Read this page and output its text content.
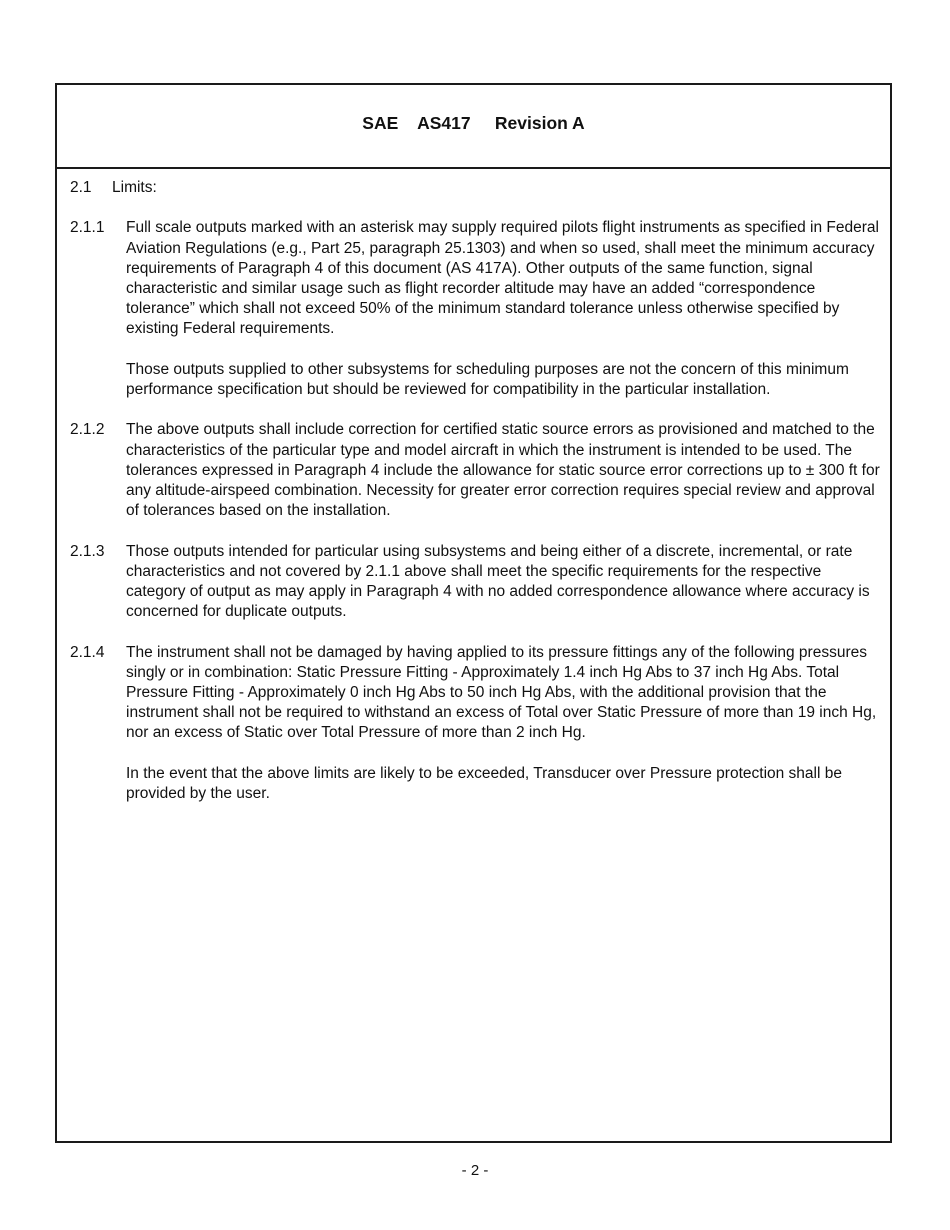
SAE    AS417     Revision A
2.1	Limits:
2.1.1	Full scale outputs marked with an asterisk may supply required pilots flight instruments as specified in Federal Aviation Regulations (e.g., Part 25, paragraph 25.1303) and when so used, shall meet the minimum accuracy requirements of Paragraph 4 of this document (AS 417A). Other outputs of the same function, signal characteristic and similar usage such as flight recorder altitude may have an added “correspondence tolerance” which shall not exceed 50% of the minimum standard tolerance unless otherwise specified by existing Federal requirements.
Those outputs supplied to other subsystems for scheduling purposes are not the concern of this minimum performance specification but should be reviewed for compatibility in the particular installation.
2.1.2	The above outputs shall include correction for certified static source errors as provisioned and matched to the characteristics of the particular type and model aircraft in which the instrument is intended to be used. The tolerances expressed in Paragraph 4 include the allowance for static source error corrections up to ± 300 ft for any altitude-airspeed combination. Necessity for greater error correction requires special review and approval of tolerances based on the installation.
2.1.3	Those outputs intended for particular using subsystems and being either of a discrete, incremental, or rate characteristics and not covered by 2.1.1 above shall meet the specific requirements for the respective category of output as may apply in Paragraph 4 with no added correspondence allowance where accuracy is concerned for duplicate outputs.
2.1.4	The instrument shall not be damaged by having applied to its pressure fittings any of the following pressures singly or in combination: Static Pressure Fitting - Approximately 1.4 inch Hg Abs to 37 inch Hg Abs. Total Pressure Fitting - Approximately 0 inch Hg Abs to 50 inch Hg Abs, with the additional provision that the instrument shall not be required to withstand an excess of Total over Static Pressure of more than 19 inch Hg, nor an excess of Static over Total Pressure of more than 2 inch Hg.
In the event that the above limits are likely to be exceeded, Transducer over Pressure protection shall be provided by the user.
- 2 -
